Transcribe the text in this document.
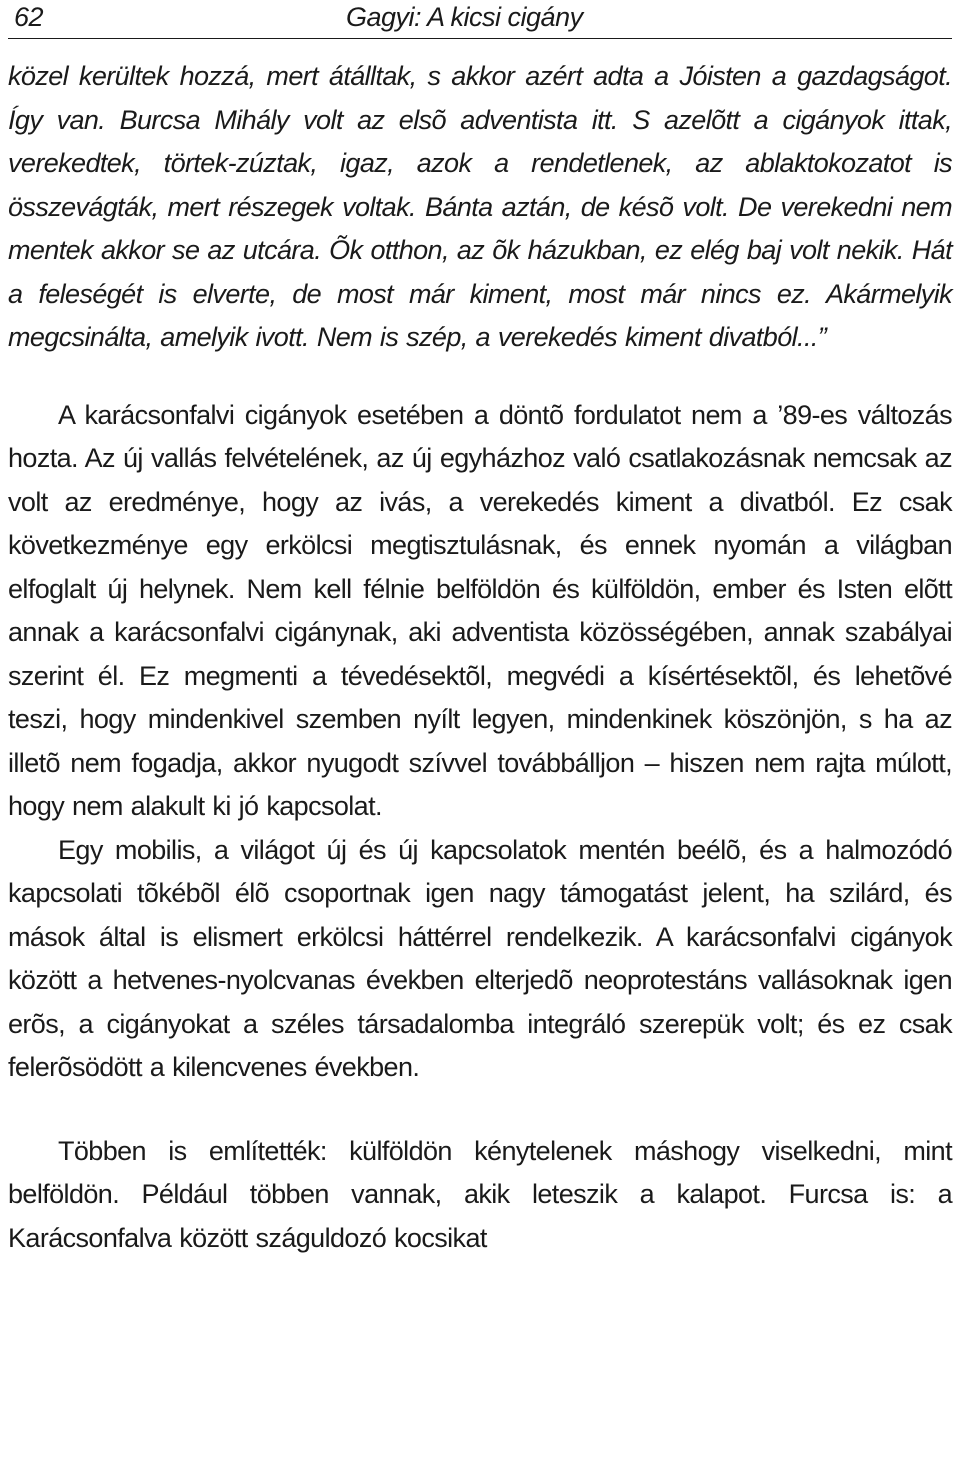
62	Gagyi: A kicsi cigány

közel kerültek hozzá, mert átálltak, s akkor azért adta a Jóisten a gazdagságot. Így van. Burcsa Mihály volt az elsõ adventista itt. S azelõtt a cigányok ittak, verekedtek, törtek-zúztak, igaz, azok a rendetlenek, az ablaktokozatot is összevágták, mert részegek voltak. Bánta aztán, de késõ volt. De verekedni nem mentek akkor se az utcára. Õk otthon, az õk házukban, ez elég baj volt nekik. Hát a feleségét is elverte, de most már kiment, most már nincs ez. Akármelyik megcsinálta, amelyik ivott. Nem is szép, a verekedés kiment divatból...”

A karácsonfalvi cigányok esetében a döntõ fordulatot nem a ’89-es változás hozta. Az új vallás felvételének, az új egyházhoz való csatlakozásnak nemcsak az volt az eredménye, hogy az ivás, a verekedés kiment a divatból. Ez csak következménye egy erkölcsi megtisztulásnak, és ennek nyomán a világban elfoglalt új helynek. Nem kell félnie belföldön és külföldön, ember és Isten elõtt annak a karácsonfalvi cigánynak, aki adventista közösségében, annak szabályai szerint él. Ez megmenti a tévedésektõl, megvédi a kísértésektõl, és lehetõvé teszi, hogy mindenkivel szemben nyílt legyen, mindenkinek köszönjön, s ha az illetõ nem fogadja, akkor nyugodt szívvel továbbálljon – hiszen nem rajta múlott, hogy nem alakult ki jó kapcsolat.

Egy mobilis, a világot új és új kapcsolatok mentén beélõ, és a halmozódó kapcsolati tõkébõl élõ csoportnak igen nagy támogatást jelent, ha szilárd, és mások által is elismert erkölcsi háttérrel rendelkezik. A karácsonfalvi cigányok között a hetvenes-nyolcvanas években elterjedõ neoprotestáns vallásoknak igen erõs, a cigányokat a széles társadalomba integráló szerepük volt; és ez csak felerõsödött a kilencvenes években.

Többen is említették: külföldön kénytelenek máshogy viselkedni, mint belföldön. Például többen vannak, akik leteszik a kalapot. Furcsa is: a Karácsonfalva között száguldozó kocsikat
